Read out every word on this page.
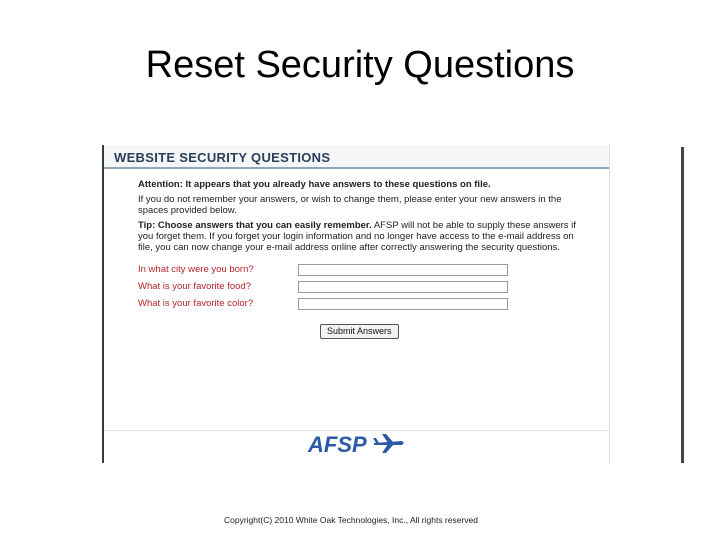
Reset Security Questions
WEBSITE SECURITY QUESTIONS

Attention: It appears that you already have answers to these questions on file.

If you do not remember your answers, or wish to change them, please enter your new answers in the spaces provided below.

Tip: Choose answers that you can easily remember. AFSP will not be able to supply these answers if you forget them. If you forget your login information and no longer have access to the e-mail address on file, you can now change your e-mail address online after correctly answering the security questions.

In what city were you born?
What is your favorite food?
What is your favorite color?
Submit Answers
AFSP
Copyright(C) 2010 White Oak Technologies, Inc., All rights reserved
